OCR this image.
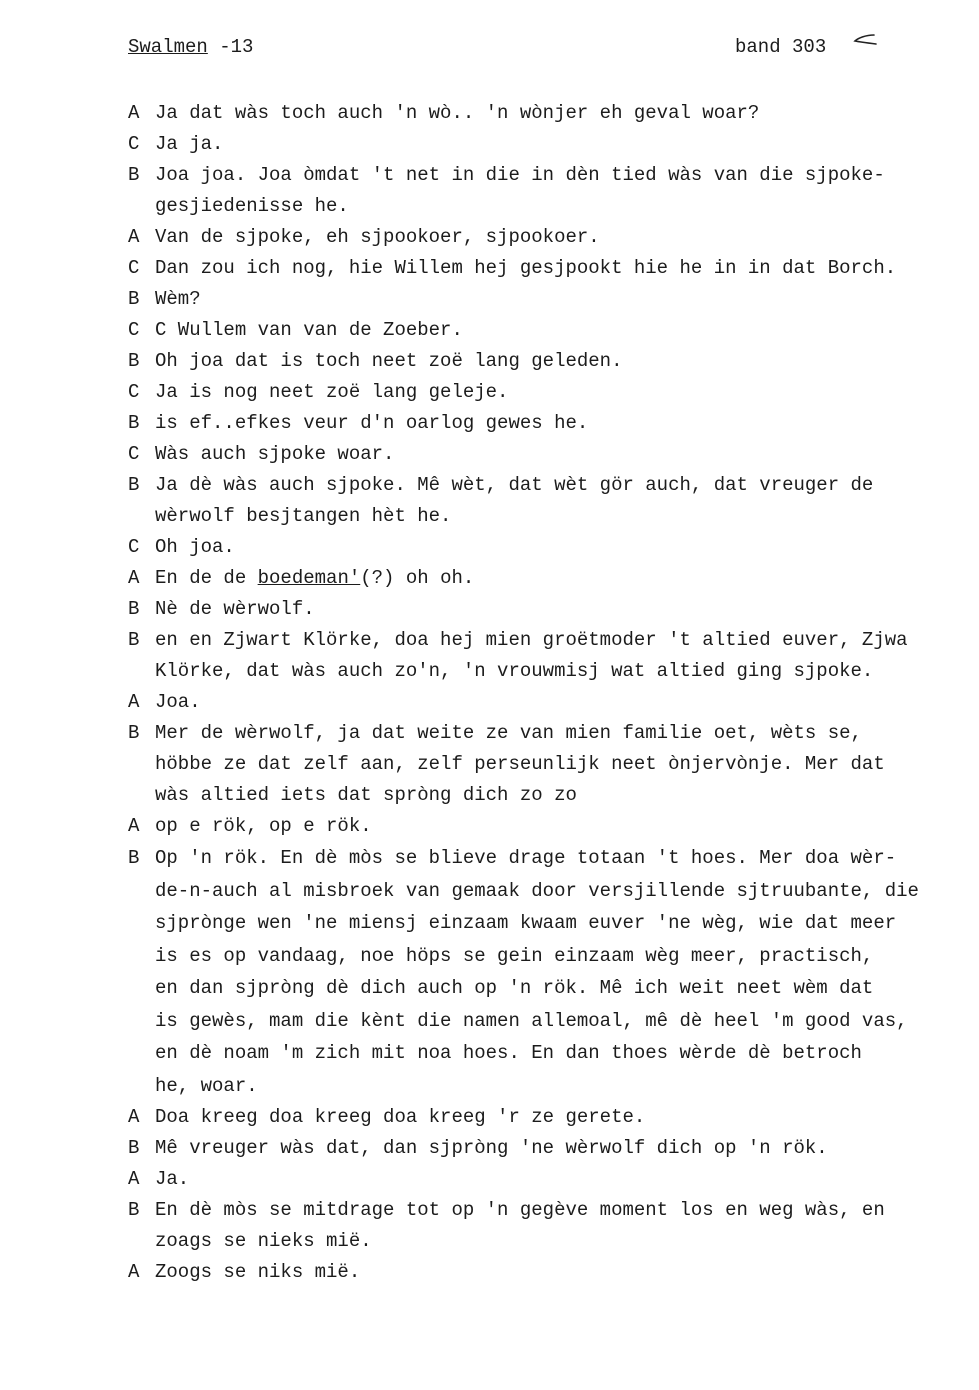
Swalmen -13	band 303
A Ja dat wàs toch auch 'n wò.. 'n wònjer eh geval woar?
C Ja ja.
B Joa joa. Joa òmdat 't net in die in dèn tied wàs van die sjpoke-
gesjiedenisse he.
A Van de sjpoke, eh sjpookoer, sjpookoer.
C Dan zou ich nog, hie Willem hej gesjpookt hie he in in dat Borch.
B Wèm?
C C Wullem van van de Zoeber.
B Oh joa dat is toch neet zoë lang geleden.
C Ja is nog neet zoë lang geleje.
B is ef..efkes veur d'n oarlog gewes he.
C Wàs auch sjpoke woar.
B Ja dè wàs auch sjpoke. Mê wèt, dat wèt gör auch, dat vreuger de
wèrwolf besjtangen hèt he.
C Oh joa.
A En de de boedeman'(?) oh oh.
B Nè de wèrwolf.
B en en Zjwart Klörke, doa hej mien groëtmoder 't altied euver, Zjwa
Klörke, dat wàs auch zo'n, 'n vrouwmisj wat altied ging sjpoke.
A Joa.
B Mer de wèrwolf, ja dat weite ze van mien familie oet, wèts se,
höbbe ze dat zelf aan, zelf perseunlijk neet ònjervònje. Mer dat
wàs altied iets dat spròng dich zo zo
A op e rök, op e rök.
B Op 'n rök. En dè mòs se blieve drage totaan 't hoes. Mer doa wèr-
de-n-auch al misbroek van gemaak door versjillende sjtruubante, die
sjprònge wen 'ne miensj einzaam kwaam euver 'ne wèg, wie dat meer
is es op vandaag, noe höps se gein einzaam wèg meer, practisch,
en dan sjpròng dè dich auch op 'n rök. Mê ich weit neet wèm dat
is gewès, mam die kènt die namen allemoal, mê dè heel 'm good vas,
en dè noam 'm zich mit noa hoes. En dan thoes wèrde dè betroch
he, woar.
A Doa kreeg doa kreeg doa kreeg 'r ze gerete.
B Mê vreuger wàs dat, dan sjpròng 'ne wèrwolf dich op 'n rök.
A Ja.
B En dè mòs se mitdrage tot op 'n gegève moment los en weg wàs, en
zoags se nieks mië.
A Zoogs se niks mië.
